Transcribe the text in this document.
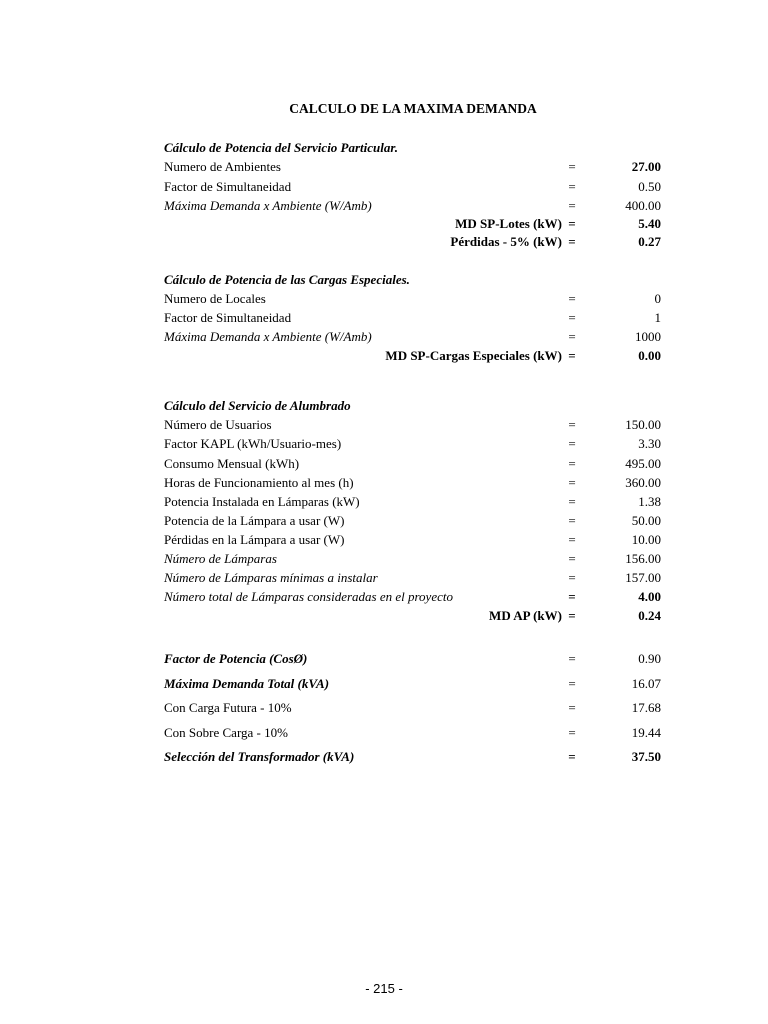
CALCULO DE LA MAXIMA DEMANDA
Cálculo de Potencia del Servicio Particular.
Numero de Ambientes	=	27.00
Factor de Simultaneidad	=	0.50
Máxima Demanda x Ambiente (W/Amb)	=	400.00
MD SP-Lotes (kW) =	5.40
Pérdidas - 5% (kW) =	0.27
Cálculo de Potencia de las Cargas Especiales.
Numero de Locales	=	0
Factor de Simultaneidad	=	1
Máxima Demanda x Ambiente (W/Amb)	=	1000
MD SP-Cargas Especiales (kW) =	0.00
Cálculo del Servicio de Alumbrado
Número de Usuarios	=	150.00
Factor KAPL (kWh/Usuario-mes)	=	3.30
Consumo Mensual (kWh)	=	495.00
Horas de Funcionamiento al mes (h)	=	360.00
Potencia Instalada en Lámparas (kW)	=	1.38
Potencia de la Lámpara a usar (W)	=	50.00
Pérdidas en la Lámpara a usar (W)	=	10.00
Número de Lámparas	=	156.00
Número de Lámparas mínimas a instalar	=	157.00
Número total de Lámparas consideradas en el proyecto	=	4.00
MD AP (kW) =	0.24
Factor de Potencia (CosØ)	=	0.90
Máxima Demanda Total (kVA)	=	16.07
Con Carga Futura - 10%	=	17.68
Con Sobre Carga - 10%	=	19.44
Selección del Transformador (kVA)	=	37.50
- 215 -
